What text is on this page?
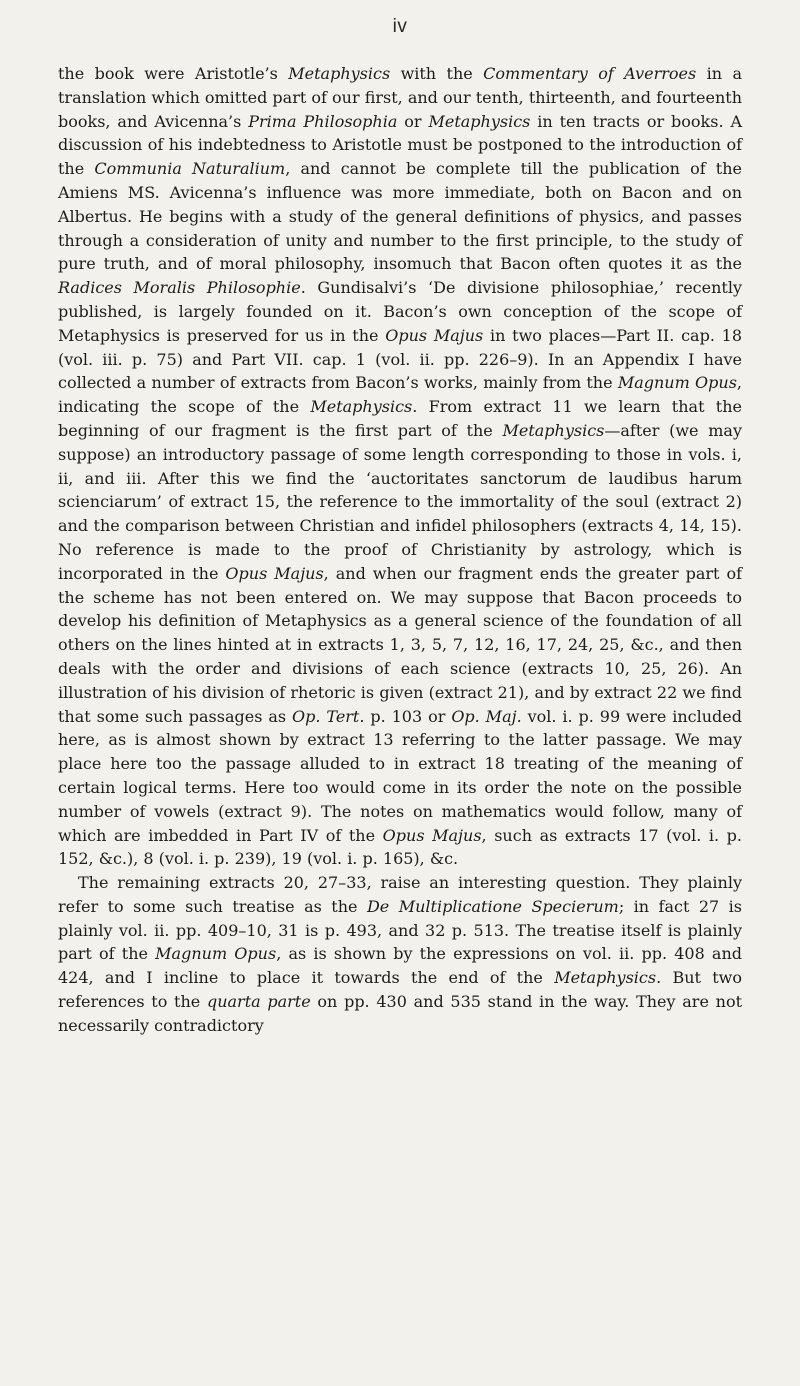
iv

the book were Aristotle’s Metaphysics with the Commentary of Averroes in a translation which omitted part of our first, and our tenth, thirteenth, and fourteenth books, and Avicenna’s Prima Philosophia or Metaphysics in ten tracts or books. A discussion of his indebtedness to Aristotle must be postponed to the introduction of the Communia Naturalium, and cannot be complete till the publication of the Amiens MS. Avicenna’s influence was more immediate, both on Bacon and on Albertus. He begins with a study of the general definitions of physics, and passes through a consideration of unity and number to the first principle, to the study of pure truth, and of moral philosophy, insomuch that Bacon often quotes it as the Radices Moralis Philosophie. Gundisalvi’s ‘De divisione philosophiae,’ recently published, is largely founded on it. Bacon’s own conception of the scope of Metaphysics is preserved for us in the Opus Majus in two places—Part II. cap. 18 (vol. iii. p. 75) and Part VII. cap. 1 (vol. ii. pp. 226–9). In an Appendix I have collected a number of extracts from Bacon’s works, mainly from the Magnum Opus, indicating the scope of the Metaphysics. From extract 11 we learn that the beginning of our fragment is the first part of the Metaphysics—after (we may suppose) an introductory passage of some length corresponding to those in vols. i, ii, and iii. After this we find the ‘auctoritates sanctorum de laudibus harum scienciarum’ of extract 15, the reference to the immortality of the soul (extract 2) and the comparison between Christian and infidel philosophers (extracts 4, 14, 15). No reference is made to the proof of Christianity by astrology, which is incorporated in the Opus Majus, and when our fragment ends the greater part of the scheme has not been entered on. We may suppose that Bacon proceeds to develop his definition of Metaphysics as a general science of the foundation of all others on the lines hinted at in extracts 1, 3, 5, 7, 12, 16, 17, 24, 25, &c., and then deals with the order and divisions of each science (extracts 10, 25, 26). An illustration of his division of rhetoric is given (extract 21), and by extract 22 we find that some such passages as Op. Tert. p. 103 or Op. Maj. vol. i. p. 99 were included here, as is almost shown by extract 13 referring to the latter passage. We may place here too the passage alluded to in extract 18 treating of the meaning of certain logical terms. Here too would come in its order the note on the possible number of vowels (extract 9). The notes on mathematics would follow, many of which are imbedded in Part IV of the Opus Majus, such as extracts 17 (vol. i. p. 152, &c.), 8 (vol. i. p. 239), 19 (vol. i. p. 165), &c.

The remaining extracts 20, 27–33, raise an interesting question. They plainly refer to some such treatise as the De Multiplicatione Specierum; in fact 27 is plainly vol. ii. pp. 409–10, 31 is p. 493, and 32 p. 513. The treatise itself is plainly part of the Magnum Opus, as is shown by the expressions on vol. ii. pp. 408 and 424, and I incline to place it towards the end of the Metaphysics. But two references to the quarta parte on pp. 430 and 535 stand in the way. They are not necessarily contradictory
